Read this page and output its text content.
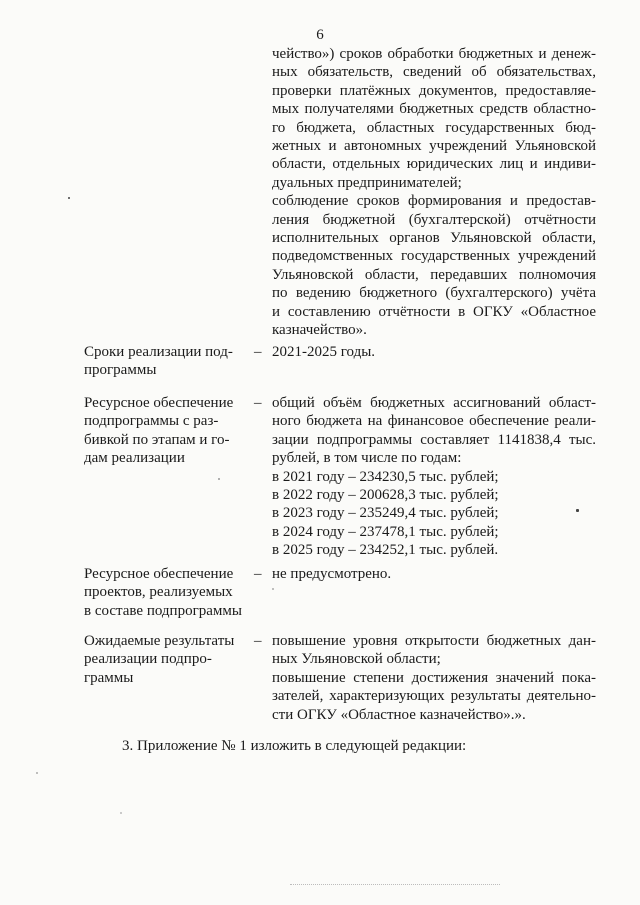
6
чейство») сроков обработки бюджетных и денеж-
ных обязательств, сведений об обязательствах,
проверки платёжных документов, предоставляе-
мых получателями бюджетных средств областно-
го бюджета, областных государственных бюд-
жетных и автономных учреждений Ульяновской
области, отдельных юридических лиц и индиви-
дуальных предпринимателей;
соблюдение сроков формирования и предостав-
ления бюджетной (бухгалтерской) отчётности
исполнительных органов Ульяновской области,
подведомственных государственных учреждений
Ульяновской области, передавших полномочия
по ведению бюджетного (бухгалтерского) учёта
и составлению отчётности в ОГКУ «Областное
казначейство».
Сроки реализации под-
программы
– 2021-2025 годы.
Ресурсное обеспечение
подпрограммы с раз-
бивкой по этапам и го-
дам реализации
– общий объём бюджетных ассигнований област-
ного бюджета на финансовое обеспечение реали-
зации подпрограммы составляет 1141838,4 тыс.
рублей, в том числе по годам:
в 2021 году – 234230,5 тыс. рублей;
в 2022 году – 200628,3 тыс. рублей;
в 2023 году – 235249,4 тыс. рублей;
в 2024 году – 237478,1 тыс. рублей;
в 2025 году – 234252,1 тыс. рублей.
Ресурсное обеспечение
проектов, реализуемых
в составе подпрограммы
– не предусмотрено.
Ожидаемые результаты
реализации подпро-
граммы
– повышение уровня открытости бюджетных дан-
ных Ульяновской области;
повышение степени достижения значений пока-
зателей, характеризующих результаты деятельно-
сти ОГКУ «Областное казначейство».».
3. Приложение № 1 изложить в следующей редакции:
